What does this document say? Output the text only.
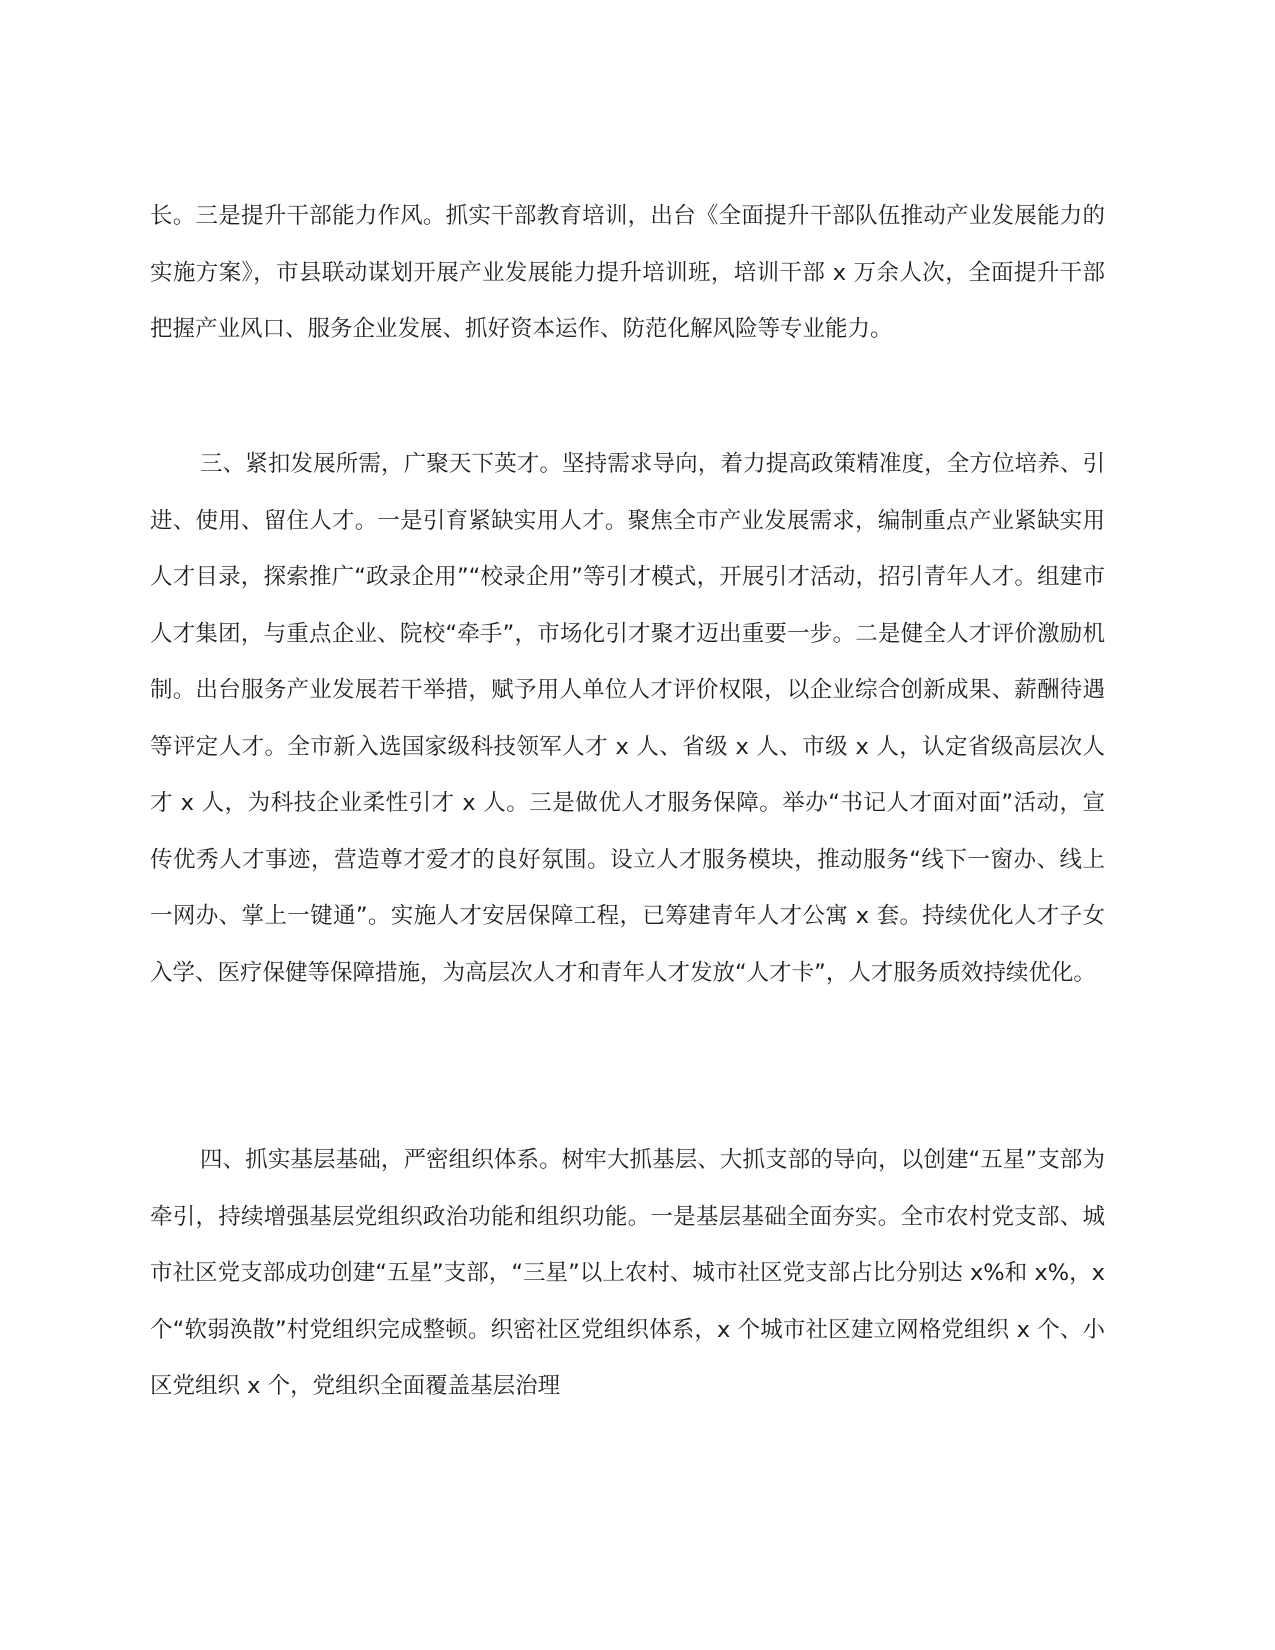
长。三是提升干部能力作风。抓实干部教育培训，出台《全面提升干部队伍推动产业发展能力的实施方案》，市县联动谋划开展产业发展能力提升培训班，培训干部 x 万余人次，全面提升干部把握产业风口、服务企业发展、抓好资本运作、防范化解风险等专业能力。

三、紧扣发展所需，广聚天下英才。坚持需求导向，着力提高政策精准度，全方位培养、引进、使用、留住人才。一是引育紧缺实用人才。聚焦全市产业发展需求，编制重点产业紧缺实用人才目录，探索推广“政录企用”“校录企用”等引才模式，开展引才活动，招引青年人才。组建市人才集团，与重点企业、院校“牵手”，市场化引才聚才迈出重要一步。二是健全人才评价激励机制。出台服务产业发展若干举措，赋予用人单位人才评价权限，以企业综合创新成果、薪酬待遇等评定人才。全市新入选国家级科技领军人才 x 人、省级 x 人、市级 x 人，认定省级高层次人才 x 人，为科技企业柔性引才 x 人。三是做优人才服务保障。举办“书记人才面对面”活动，宣传优秀人才事迹，营造尊才爱才的良好氛围。设立人才服务模块，推动服务“线下一窗办、线上一网办、掌上一键通”。实施人才安居保障工程，已筹建青年人才公寓 x 套。持续优化人才子女入学、医疗保健等保障措施，为高层次人才和青年人才发放“人才卡”，人才服务质效持续优化。

四、抓实基层基础，严密组织体系。树牢大抓基层、大抓支部的导向，以创建“五星”支部为牵引，持续增强基层党组织政治功能和组织功能。一是基层基础全面夯实。全市农村党支部、城市社区党支部成功创建“五星”支部，“三星”以上农村、城市社区党支部占比分别达 x%和 x%，x 个“软弱涣散”村党组织完成整顿。织密社区党组织体系，x 个城市社区建立网格党组织 x 个、小区党组织 x 个，党组织全面覆盖基层治理
